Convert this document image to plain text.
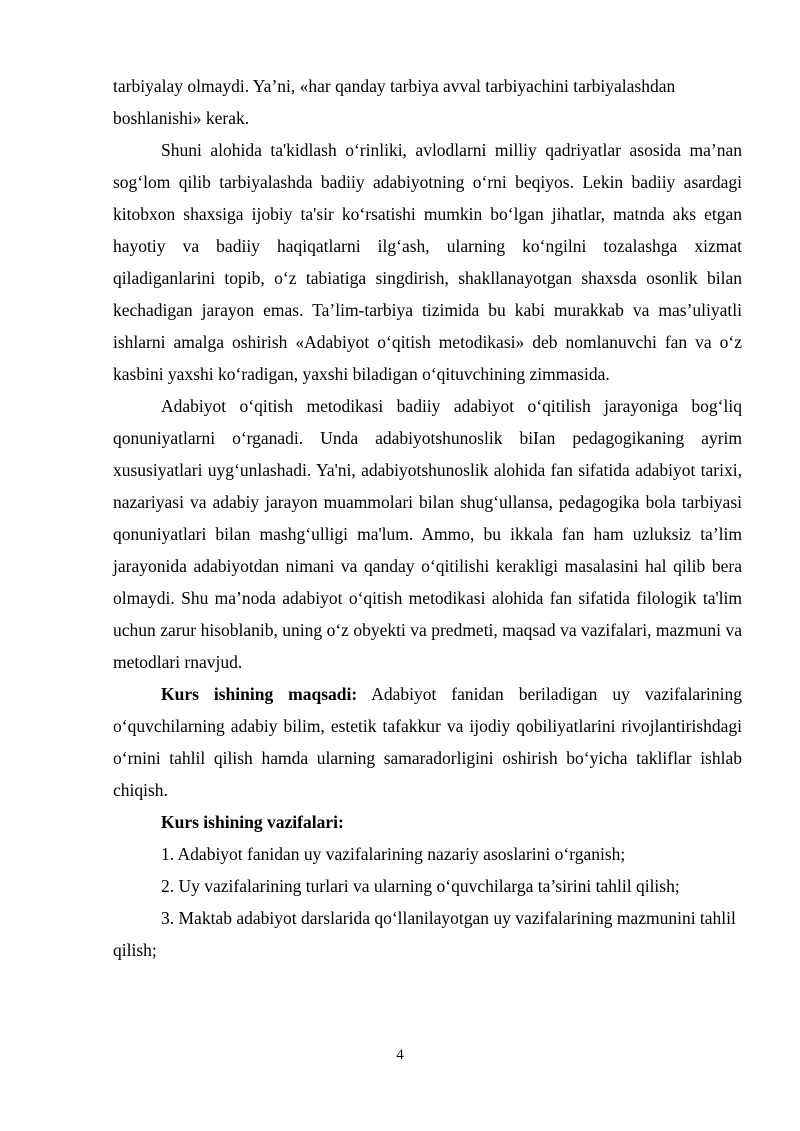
tarbiyalay olmaydi. Ya’ni, «har qanday tarbiya avval tarbiyachini tarbiyalashdan boshlanishi» kerak.

Shuni alohida ta'kidlash o‘rinliki, avlodlarni milliy qadriyatlar asosida ma’nan sog‘lom qilib tarbiyalashda badiiy adabiyotning o‘rni beqiyos. Lekin badiiy asardagi kitobxon shaxsiga ijobiy ta'sir ko‘rsatishi mumkin bo‘lgan jihatlar, matnda aks etgan hayotiy va badiiy haqiqatlarni ilg‘ash, ularning ko‘ngilni tozalashga xizmat qiladiganlarini topib, o‘z tabiatiga singdirish, shakllanayotgan shaxsda osonlik bilan kechadigan jarayon emas. Ta’lim-tarbiya tizimida bu kabi murakkab va mas’uliyatli ishlarni amalga oshirish «Adabiyot o‘qitish metodikasi» deb nomlanuvchi fan va o‘z kasbini yaxshi ko‘radigan, yaxshi biladigan o‘qituvchining zimmasida.

Adabiyot o‘qitish metodikasi badiiy adabiyot o‘qitilish jarayoniga bog‘liq qonuniyatlarni o‘rganadi. Unda adabiyotshunoslik biIan pedagogikaning ayrim xususiyatlari uyg‘unlashadi. Ya'ni, adabiyotshunoslik alohida fan sifatida adabiyot tarixi, nazariyasi va adabiy jarayon muammolari bilan shug‘ullansa, pedagogika bola tarbiyasi qonuniyatlari bilan mashg‘ulligi ma'lum. Ammo, bu ikkala fan ham uzluksiz ta’lim jarayonida adabiyotdan nimani va qanday o‘qitilishi kerakligi masalasini hal qilib bera olmaydi. Shu ma’noda adabiyot o‘qitish metodikasi alohida fan sifatida filologik ta'lim uchun zarur hisoblanib, uning o‘z obyekti va predmeti, maqsad va vazifalari, mazmuni va metodlari rnavjud.

Kurs ishining maqsadi: Adabiyot fanidan beriladigan uy vazifalarining o‘quvchilarning adabiy bilim, estetik tafakkur va ijodiy qobiliyatlarini rivojlantirishdagi o‘rnini tahlil qilish hamda ularning samaradorligini oshirish bo‘yicha takliflar ishlab chiqish.

Kurs ishining vazifalari:

1. Adabiyot fanidan uy vazifalarining nazariy asoslarini o‘rganish;

2. Uy vazifalarining turlari va ularning o‘quvchilarga ta’sirini tahlil qilish;

3. Maktab adabiyot darslarida qo‘llanilayotgan uy vazifalarining mazmunini tahlil qilish;

4
